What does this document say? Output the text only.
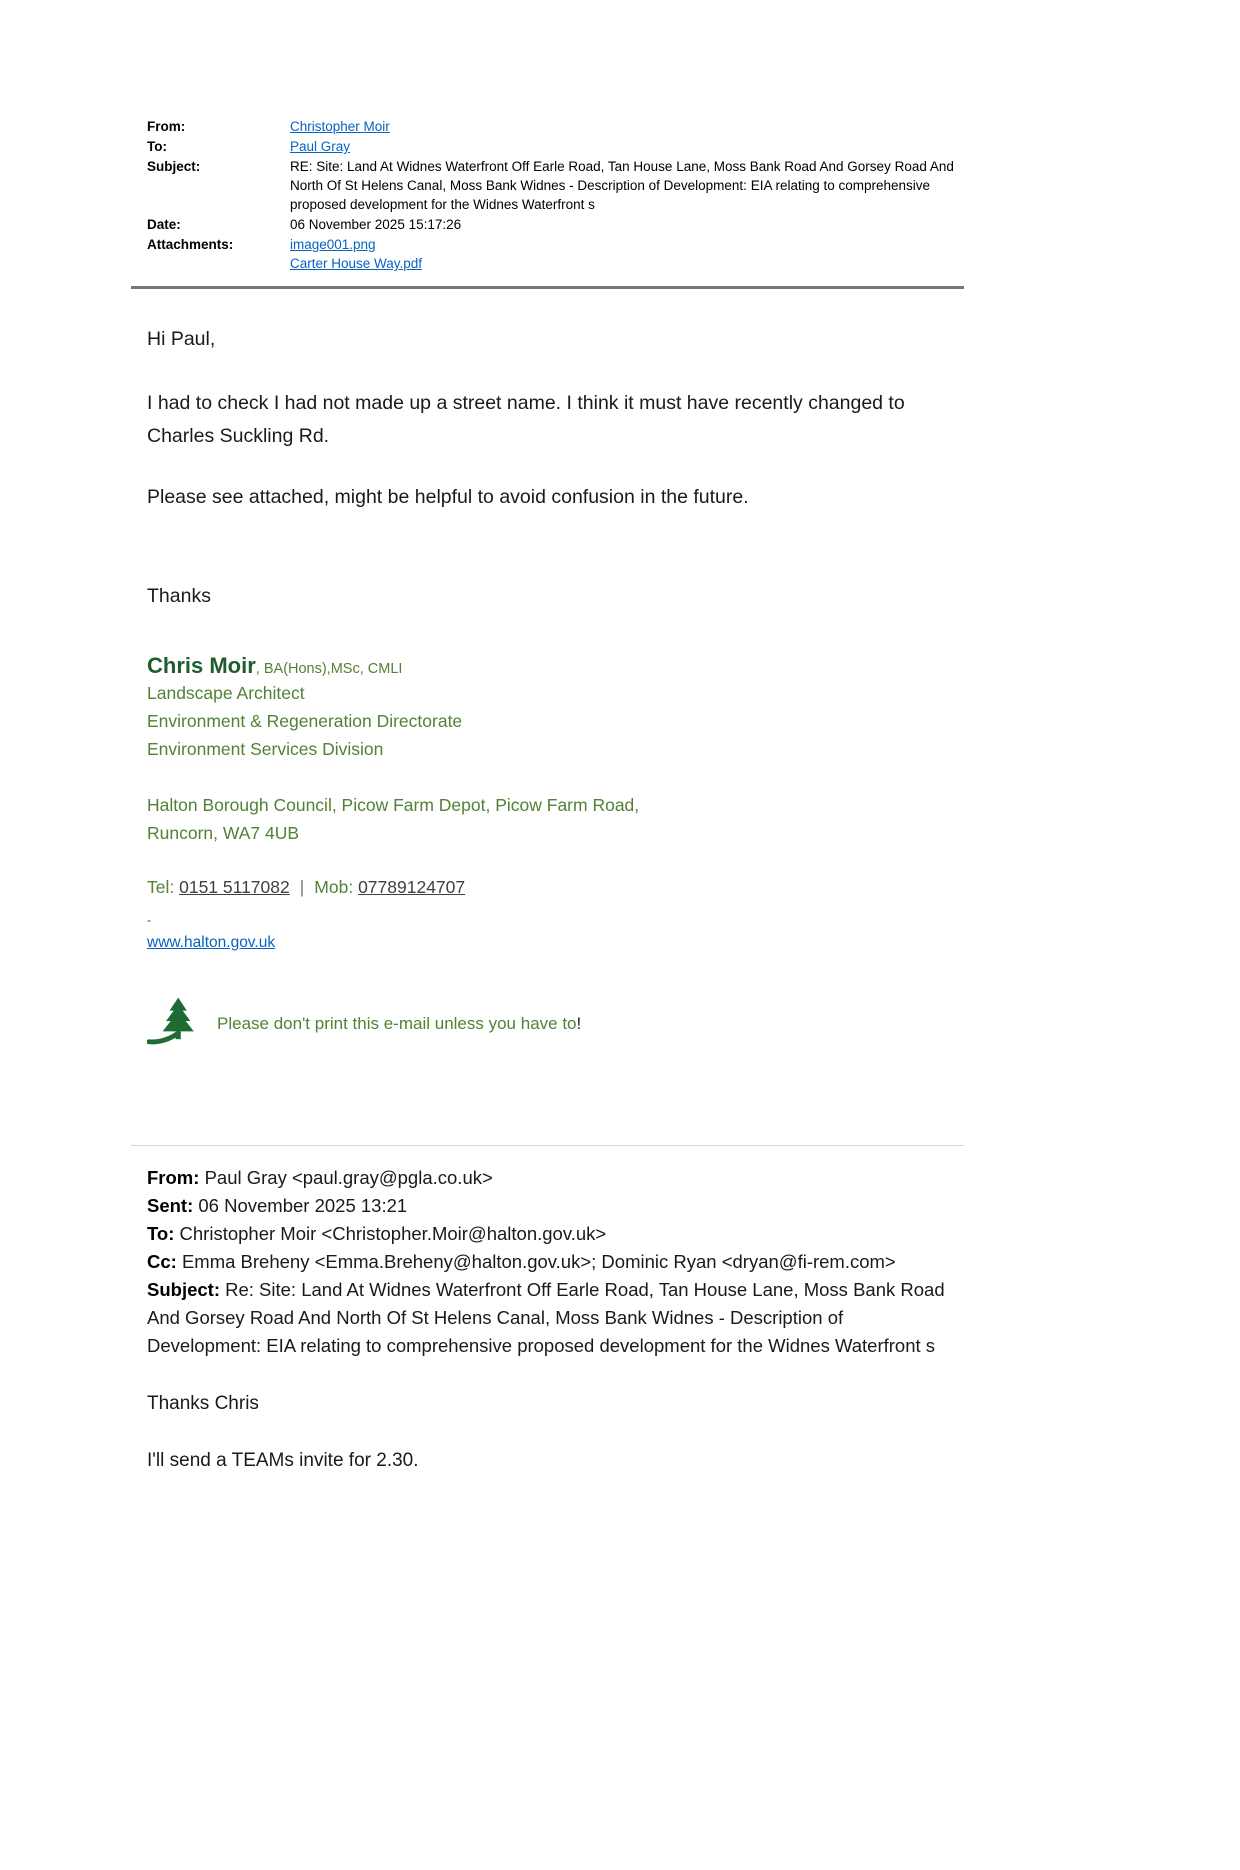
From:	Christopher Moir
To:	Paul Gray
Subject:	RE: Site: Land At Widnes Waterfront Off Earle Road, Tan House Lane, Moss Bank Road And Gorsey Road And North Of St Helens Canal, Moss Bank Widnes - Description of Development: EIA relating to comprehensive proposed development for the Widnes Waterfront s
Date:	06 November 2025 15:17:26
Attachments:	image001.png
Carter House Way.pdf

Hi Paul,

I had to check I had not made up a street name. I think it must have recently changed to Charles Suckling Rd.

Please see attached, might be helpful to avoid confusion in the future.

Thanks

Chris Moir, BA(Hons),MSc, CMLI
Landscape Architect
Environment & Regeneration Directorate
Environment Services Division
Halton Borough Council, Picow Farm Depot, Picow Farm Road,
Runcorn, WA7 4UB
Tel: 0151 5117082 | Mob: 07789124707
-
www.halton.gov.uk
Please don't print this e-mail unless you have to!
From: Paul Gray <paul.gray@pgla.co.uk>
Sent: 06 November 2025 13:21
To: Christopher Moir <Christopher.Moir@halton.gov.uk>
Cc: Emma Breheny <Emma.Breheny@halton.gov.uk>; Dominic Ryan <dryan@fi-rem.com>
Subject: Re: Site: Land At Widnes Waterfront Off Earle Road, Tan House Lane, Moss Bank Road And Gorsey Road And North Of St Helens Canal, Moss Bank Widnes - Description of Development: EIA relating to comprehensive proposed development for the Widnes Waterfront s
Thanks Chris
I'll send a TEAMs invite for 2.30.
